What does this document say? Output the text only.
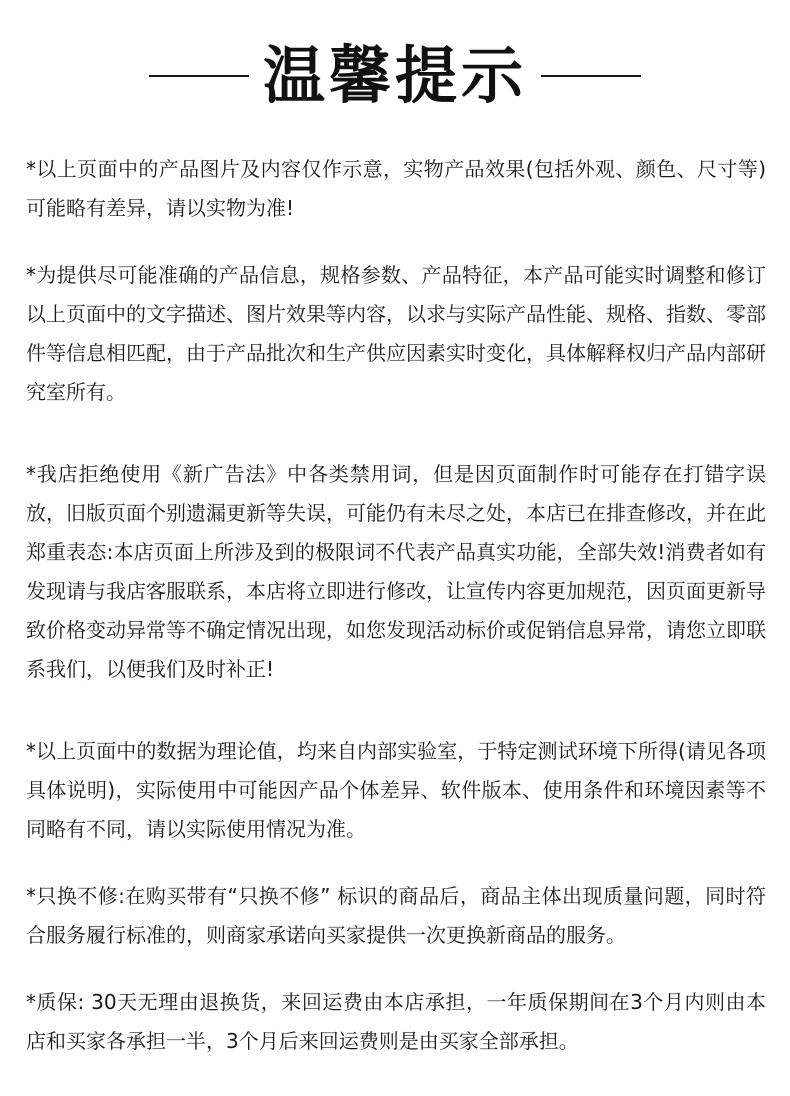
温馨提示

*以上页面中的产品图片及内容仅作示意，实物产品效果(包括外观、颜色、尺寸等)可能略有差异，请以实物为准!

*为提供尽可能准确的产品信息，规格参数、产品特征，本产品可能实时调整和修订以上页面中的文字描述、图片效果等内容，以求与实际产品性能、规格、指数、零部件等信息相匹配，由于产品批次和生产供应因素实时变化，具体解释权归产品内部研究室所有。

*我店拒绝使用《新广告法》中各类禁用词，但是因页面制作时可能存在打错字误放，旧版页面个别遗漏更新等失误，可能仍有未尽之处，本店已在排查修改，并在此郑重表态:本店页面上所涉及到的极限词不代表产品真实功能，全部失效!消费者如有发现请与我店客服联系，本店将立即进行修改，让宣传内容更加规范，因页面更新导致价格变动异常等不确定情况出现，如您发现活动标价或促销信息异常，请您立即联系我们，以便我们及时补正!

*以上页面中的数据为理论值，均来自内部实验室，于特定测试环境下所得(请见各项具体说明)，实际使用中可能因产品个体差异、软件版本、使用条件和环境因素等不同略有不同，请以实际使用情况为准。

*只换不修:在购买带有“只换不修” 标识的商品后，商品主体出现质量问题，同时符合服务履行标准的，则商家承诺向买家提供一次更换新商品的服务。

*质保: 30天无理由退换货，来回运费由本店承担，一年质保期间在3个月内则由本店和买家各承担一半，3个月后来回运费则是由买家全部承担。
